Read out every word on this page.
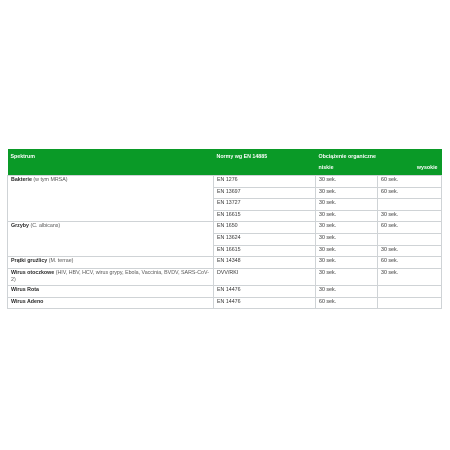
Spektrum	Normy wg EN 14885	Obciążenie organiczne	
		niskie	wysokie
Bakterie (w tym MRSA)	EN 1276	30 sek.	60 sek.
	EN 13697	30 sek.	60 sek.
	EN 13727	30 sek.	
	EN 16615	30 sek.	30 sek.
Grzyby (C. albicans)	EN 1650	30 sek.	60 sek.
	EN 13624	30 sek.	
	EN 16615	30 sek.	30 sek.
Prątki gruźlicy (M. terrae)	EN 14348	30 sek.	60 sek.
Wirus otoczkowe (HIV, HBV, HCV, wirus grypy, Ebola, Vaccinia, BVDV, SARS-CoV-2)	DVV/RKI	30 sek.	30 sek.
Wirus Rota	EN 14476	30 sek.	
Wirus Adeno	EN 14476	60 sek.	
